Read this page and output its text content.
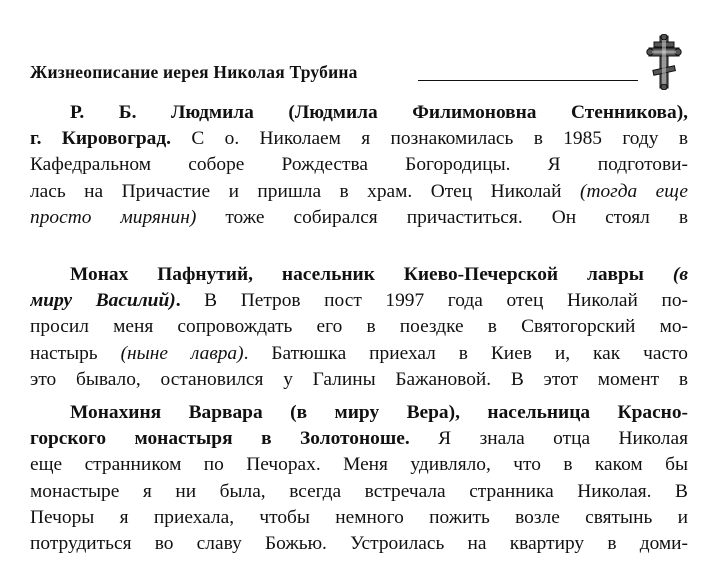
Жизнеописание иерея Николая Трубина
Р. Б. Людмила (Людмила Филимоновна Стенникова),
г. Кировоград. С о. Николаем я познакомилась в 1985 году в
Кафедральном соборе Рождества Богородицы. Я подготови-
лась на Причастие и пришла в храм. Отец Николай (тогда еще
просто мирянин) тоже собирался причаститься. Он стоял в
Монах Пафнутий, насельник Киево-Печерской лавры (в
миру Василий). В Петров пост 1997 года отец Николай по-
просил меня сопровождать его в поездке в Святогорский мо-
настырь (ныне лавра). Батюшка приехал в Киев и, как часто
это бывало, остановился у Галины Бажановой. В этот момент в
Монахиня Варвара (в миру Вера), насельница Красно-
горского монастыря в Золотоноше. Я знала отца Николая
еще странником по Печорах. Меня удивляло, что в каком бы
монастыре я ни была, всегда встречала странника Николая. В
Печоры я приехала, чтобы немного пожить возле святынь и
потрудиться во славу Божью. Устроилась на квартиру в доми-
